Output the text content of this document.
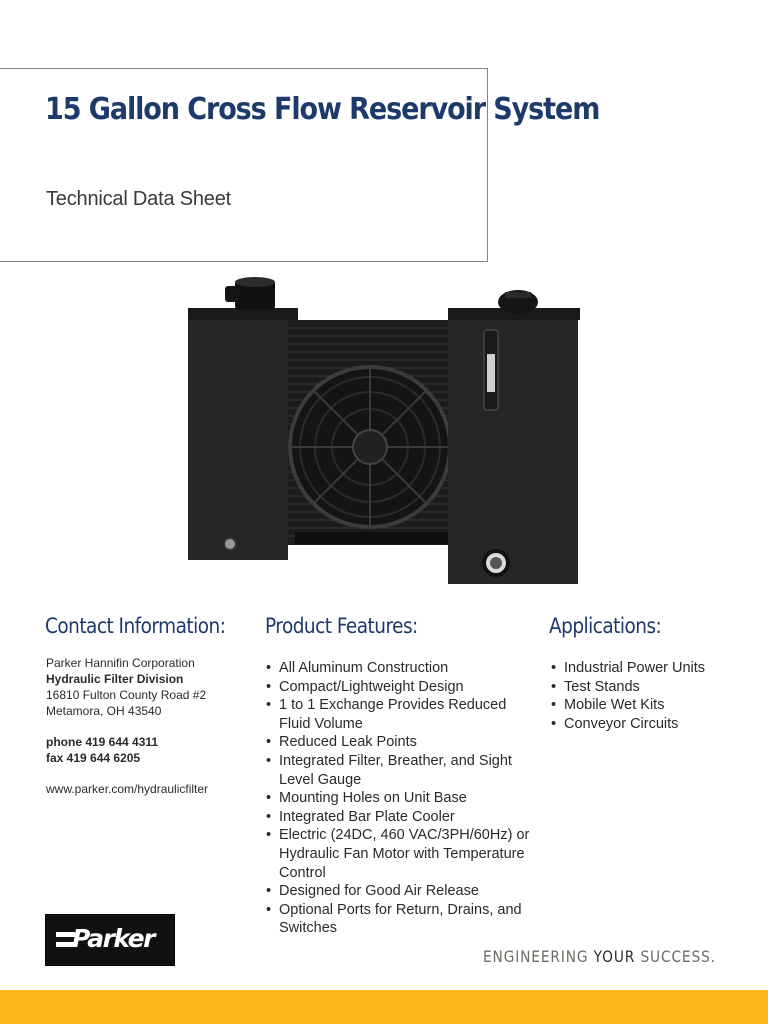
15 Gallon Cross Flow Reservoir System
Technical Data Sheet
Contact Information: Product Features:	Applications:
Parker Hannifin Corporation
Hydraulic Filter Division
16810 Fulton County Road #2
Metamora, OH 43540
phone 419 644 4311
fax 419 644 6205
www.parker.com/hydraulicfilter
• All Aluminum Construction
• Compact/Lightweight Design
• 1 to 1 Exchange Provides Reduced Fluid Volume
• Reduced Leak Points
• Integrated Filter, Breather, and Sight Level Gauge
• Mounting Holes on Unit Base
• Integrated Bar Plate Cooler
• Electric (24DC, 460 VAC/3PH/60Hz) or Hydraulic Fan Motor with Temperature Control
• Designed for Good Air Release
• Optional Ports for Return, Drains, and Switches
• Industrial Power Units
• Test Stands
• Mobile Wet Kits
• Conveyor Circuits
Parker
ENGINEERING YOUR SUCCESS.
